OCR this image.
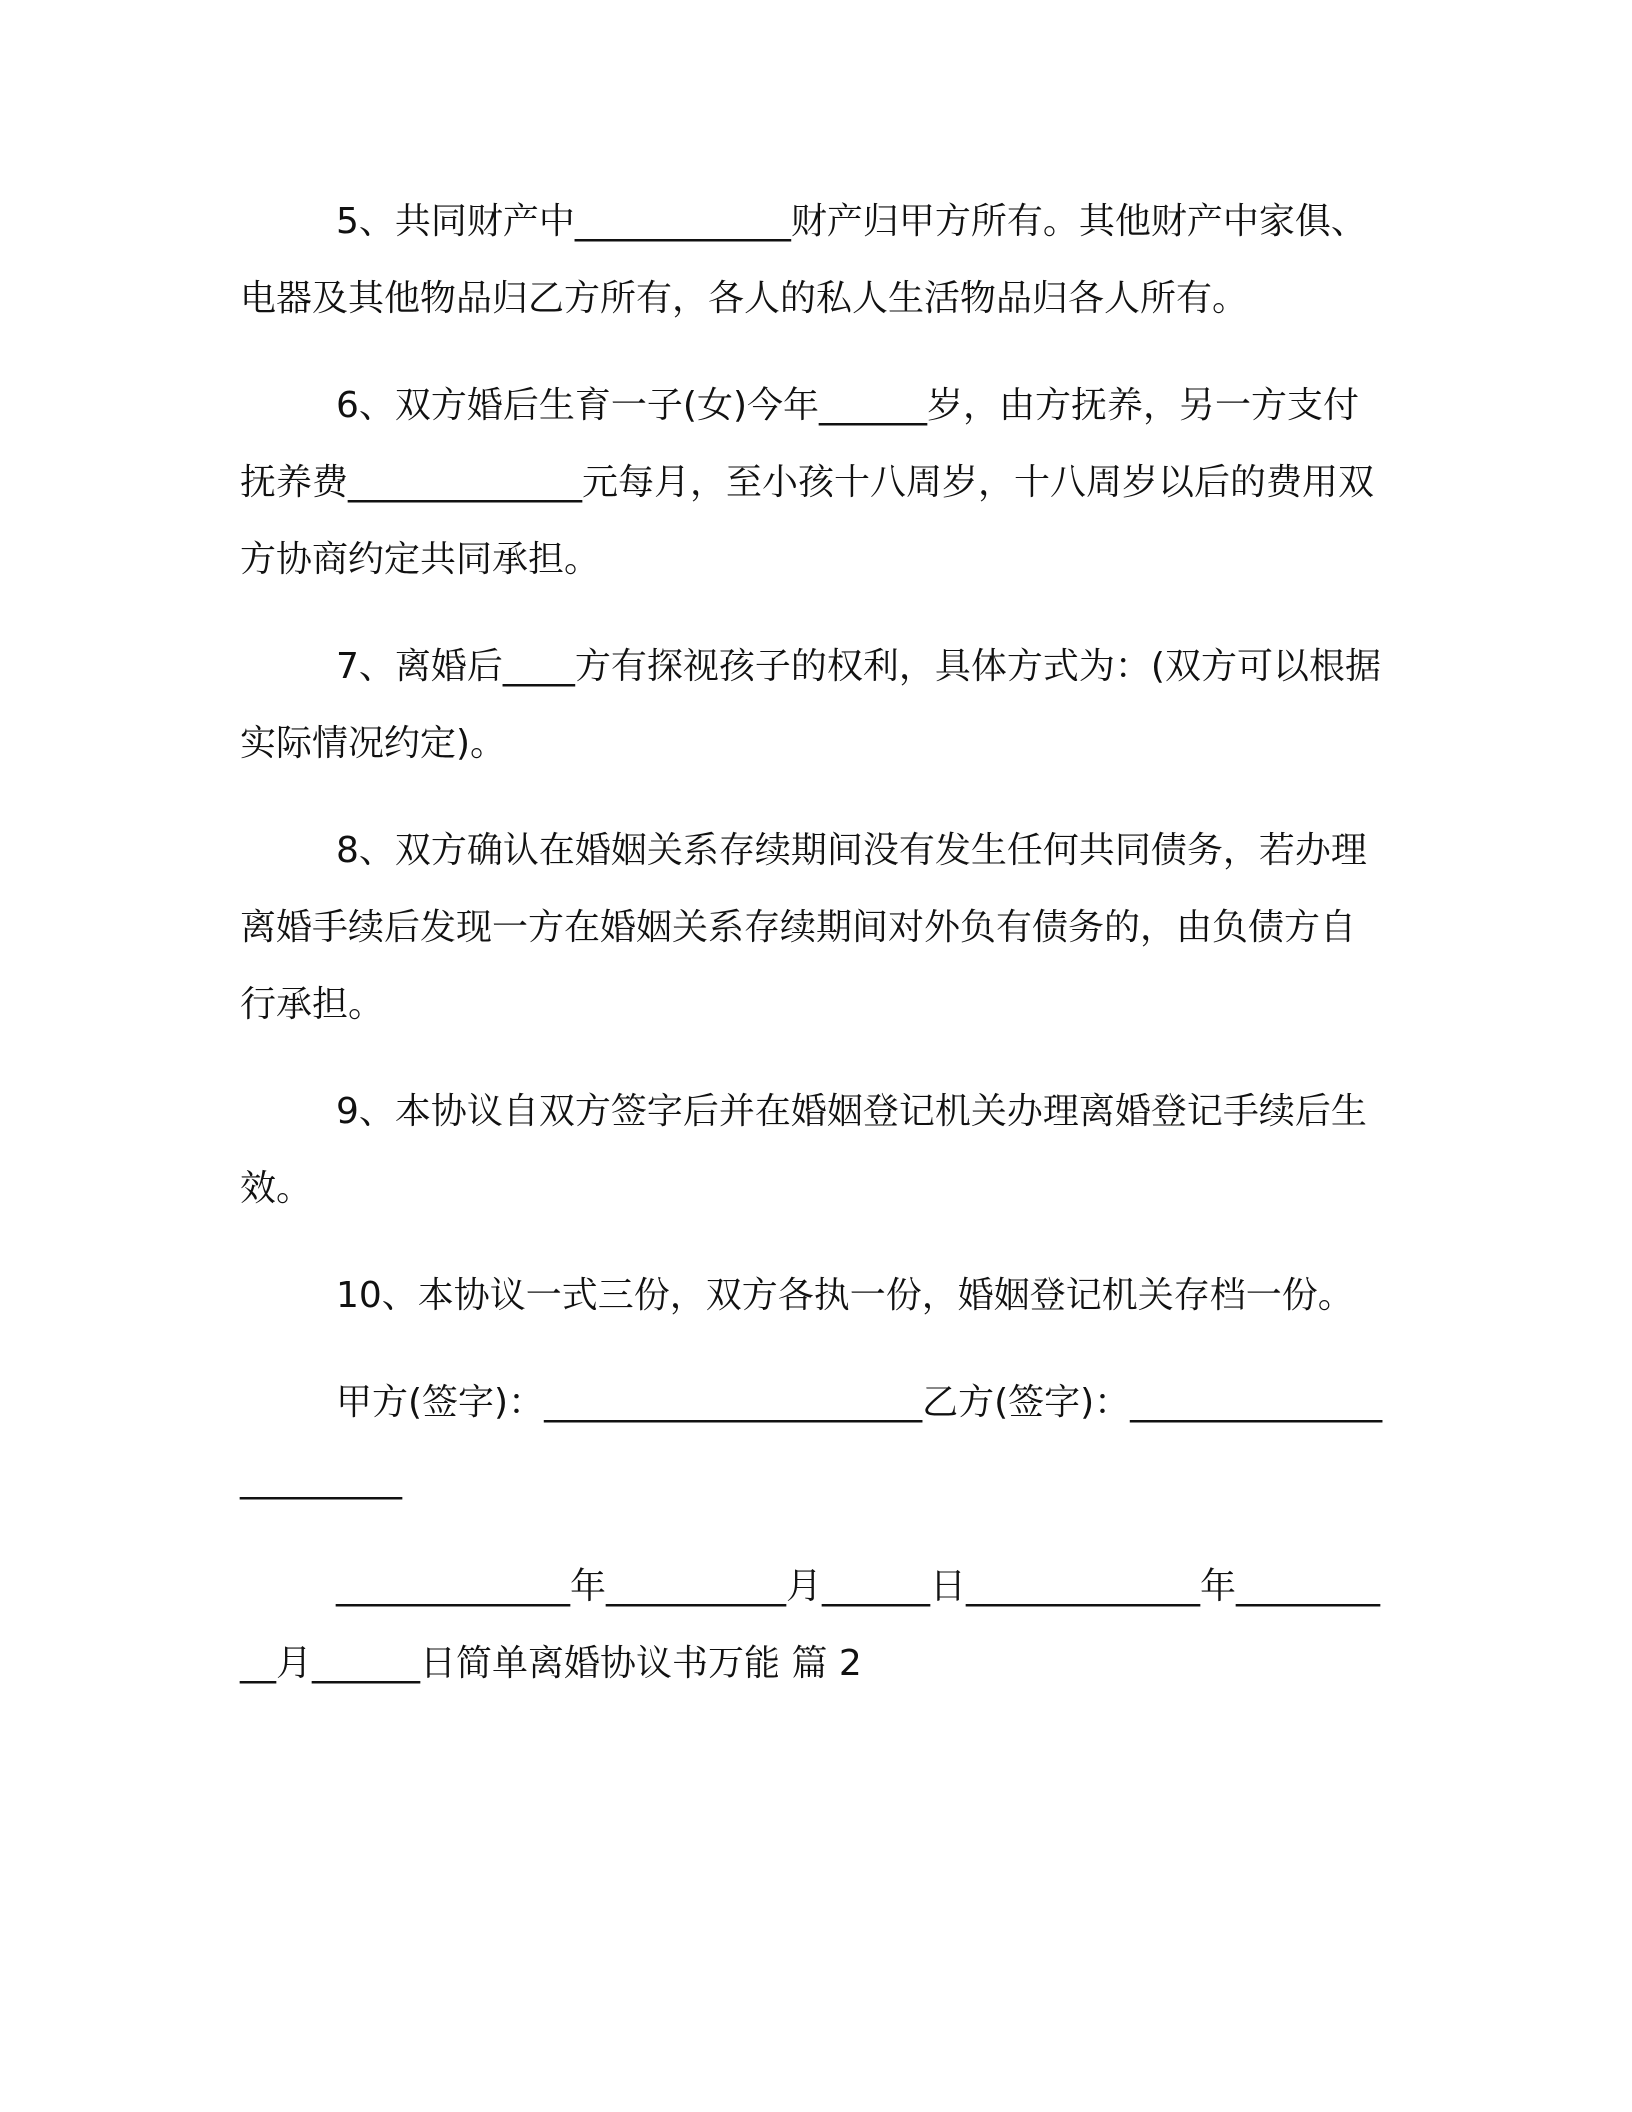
5、共同财产中____________财产归甲方所有。其他财产中家俱、电器及其他物品归乙方所有，各人的私人生活物品归各人所有。

6、双方婚后生育一子(女)今年______岁，由方抚养，另一方支付抚养费_____________元每月，至小孩十八周岁，十八周岁以后的费用双方协商约定共同承担。

7、离婚后____方有探视孩子的权利，具体方式为：(双方可以根据实际情况约定)。

8、双方确认在婚姻关系存续期间没有发生任何共同债务，若办理离婚手续后发现一方在婚姻关系存续期间对外负有债务的，由负债方自行承担。

9、本协议自双方签字后并在婚姻登记机关办理离婚登记手续后生效。

10、本协议一式三份，双方各执一份，婚姻登记机关存档一份。

甲方(签字)：_____________________乙方(签字)：_______________________

_____________年__________月______日_____________年__________月______日简单离婚协议书万能 篇 2
